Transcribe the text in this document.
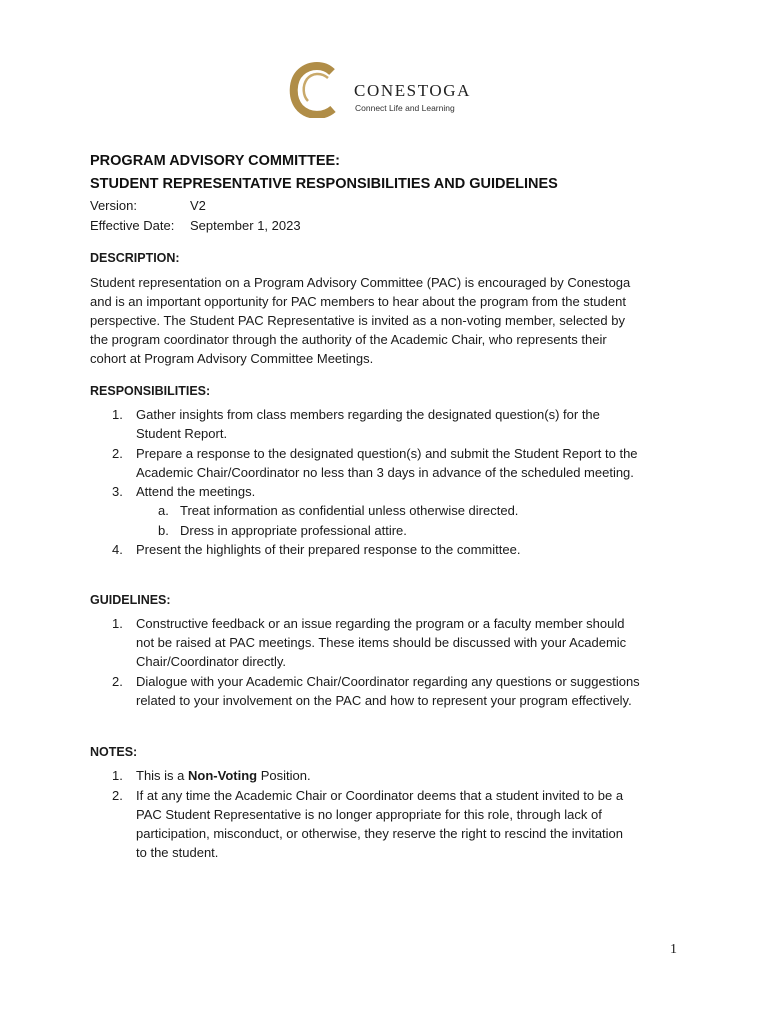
CONESTOGA
Connect Life and Learning
PROGRAM ADVISORY COMMITTEE:
STUDENT REPRESENTATIVE RESPONSIBILITIES AND GUIDELINES
Version:	V2
Effective Date: September 1, 2023
DESCRIPTION:
Student representation on a Program Advisory Committee (PAC) is encouraged by Conestoga
and is an important opportunity for PAC members to hear about the program from the student
perspective. The Student PAC Representative is invited as a non-voting member, selected by
the program coordinator through the authority of the Academic Chair, who represents their
cohort at Program Advisory Committee Meetings.
RESPONSIBILITIES:
1. Gather insights from class members regarding the designated question(s) for the
Student Report.
2. Prepare a response to the designated question(s) and submit the Student Report to the
Academic Chair/Coordinator no less than 3 days in advance of the scheduled meeting.
3. Attend the meetings.
a. Treat information as confidential unless otherwise directed.
b. Dress in appropriate professional attire.
4. Present the highlights of their prepared response to the committee.
GUIDELINES:
1. Constructive feedback or an issue regarding the program or a faculty member should
not be raised at PAC meetings. These items should be discussed with your Academic
Chair/Coordinator directly.
2. Dialogue with your Academic Chair/Coordinator regarding any questions or suggestions
related to your involvement on the PAC and how to represent your program effectively.
NOTES:
1. This is a Non-Voting Position.
2. If at any time the Academic Chair or Coordinator deems that a student invited to be a
PAC Student Representative is no longer appropriate for this role, through lack of
participation, misconduct, or otherwise, they reserve the right to rescind the invitation
to the student.
1
